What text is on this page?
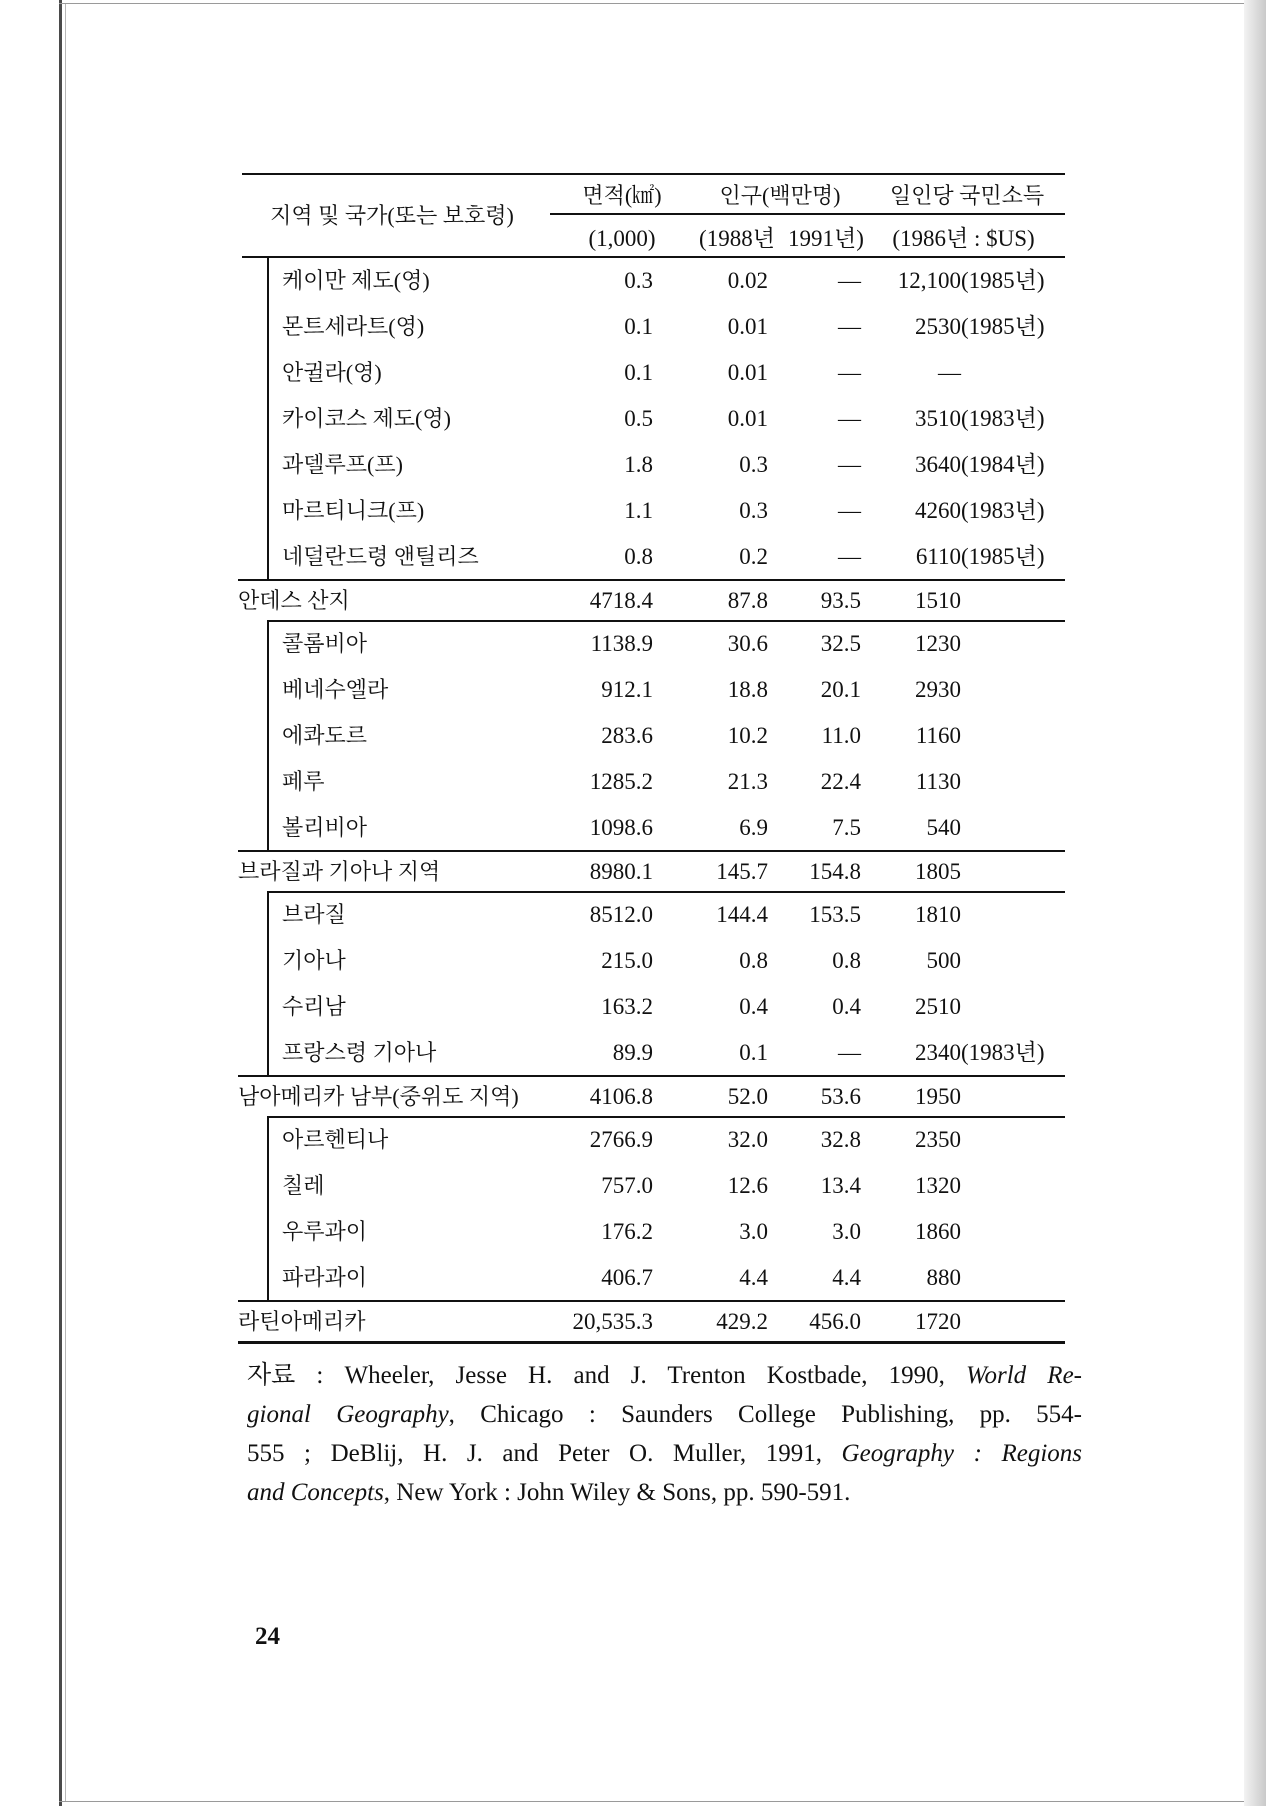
지역 및 국가(또는 보호령)
면적(㎢)	인구(백만명)	일인당 국민소득
(1,000)	(1988년 1991년)	(1986년 : $US)
케이만 제도(영)	0.3	0.02	—	12,100 (1985년)
몬트세라트(영)	0.1	0.01	—	2530 (1985년)
안귈라(영)	0.1	0.01	—	—
카이코스 제도(영)	0.5	0.01	—	3510 (1983년)
과델루프(프)	1.8	0.3	—	3640 (1984년)
마르티니크(프)	1.1	0.3	—	4260 (1983년)
네덜란드령 앤틸리즈	0.8	0.2	—	6110 (1985년)
안데스 산지	4718.4	87.8	93.5	1510
콜롬비아	1138.9	30.6	32.5	1230
베네수엘라	912.1	18.8	20.1	2930
에콰도르	283.6	10.2	11.0	1160
페루	1285.2	21.3	22.4	1130
볼리비아	1098.6	6.9	7.5	540
브라질과 기아나 지역	8980.1	145.7	154.8	1805
브라질	8512.0	144.4	153.5	1810
기아나	215.0	0.8	0.8	500
수리남	163.2	0.4	0.4	2510
프랑스령 기아나	89.9	0.1	—	2340 (1983년)
남아메리카 남부(중위도 지역)	4106.8	52.0	53.6	1950
아르헨티나	2766.9	32.0	32.8	2350
칠레	757.0	12.6	13.4	1320
우루과이	176.2	3.0	3.0	1860
파라과이	406.7	4.4	4.4	880
라틴아메리카	20,535.3	429.2	456.0	1720
자료 : Wheeler, Jesse H. and J. Trenton Kostbade, 1990, World Re-
gional Geography, Chicago : Saunders College Publishing, pp. 554-
555 ; DeBlij, H. J. and Peter O. Muller, 1991, Geography : Regions
and Concepts, New York : John Wiley & Sons, pp. 590-591.
24
